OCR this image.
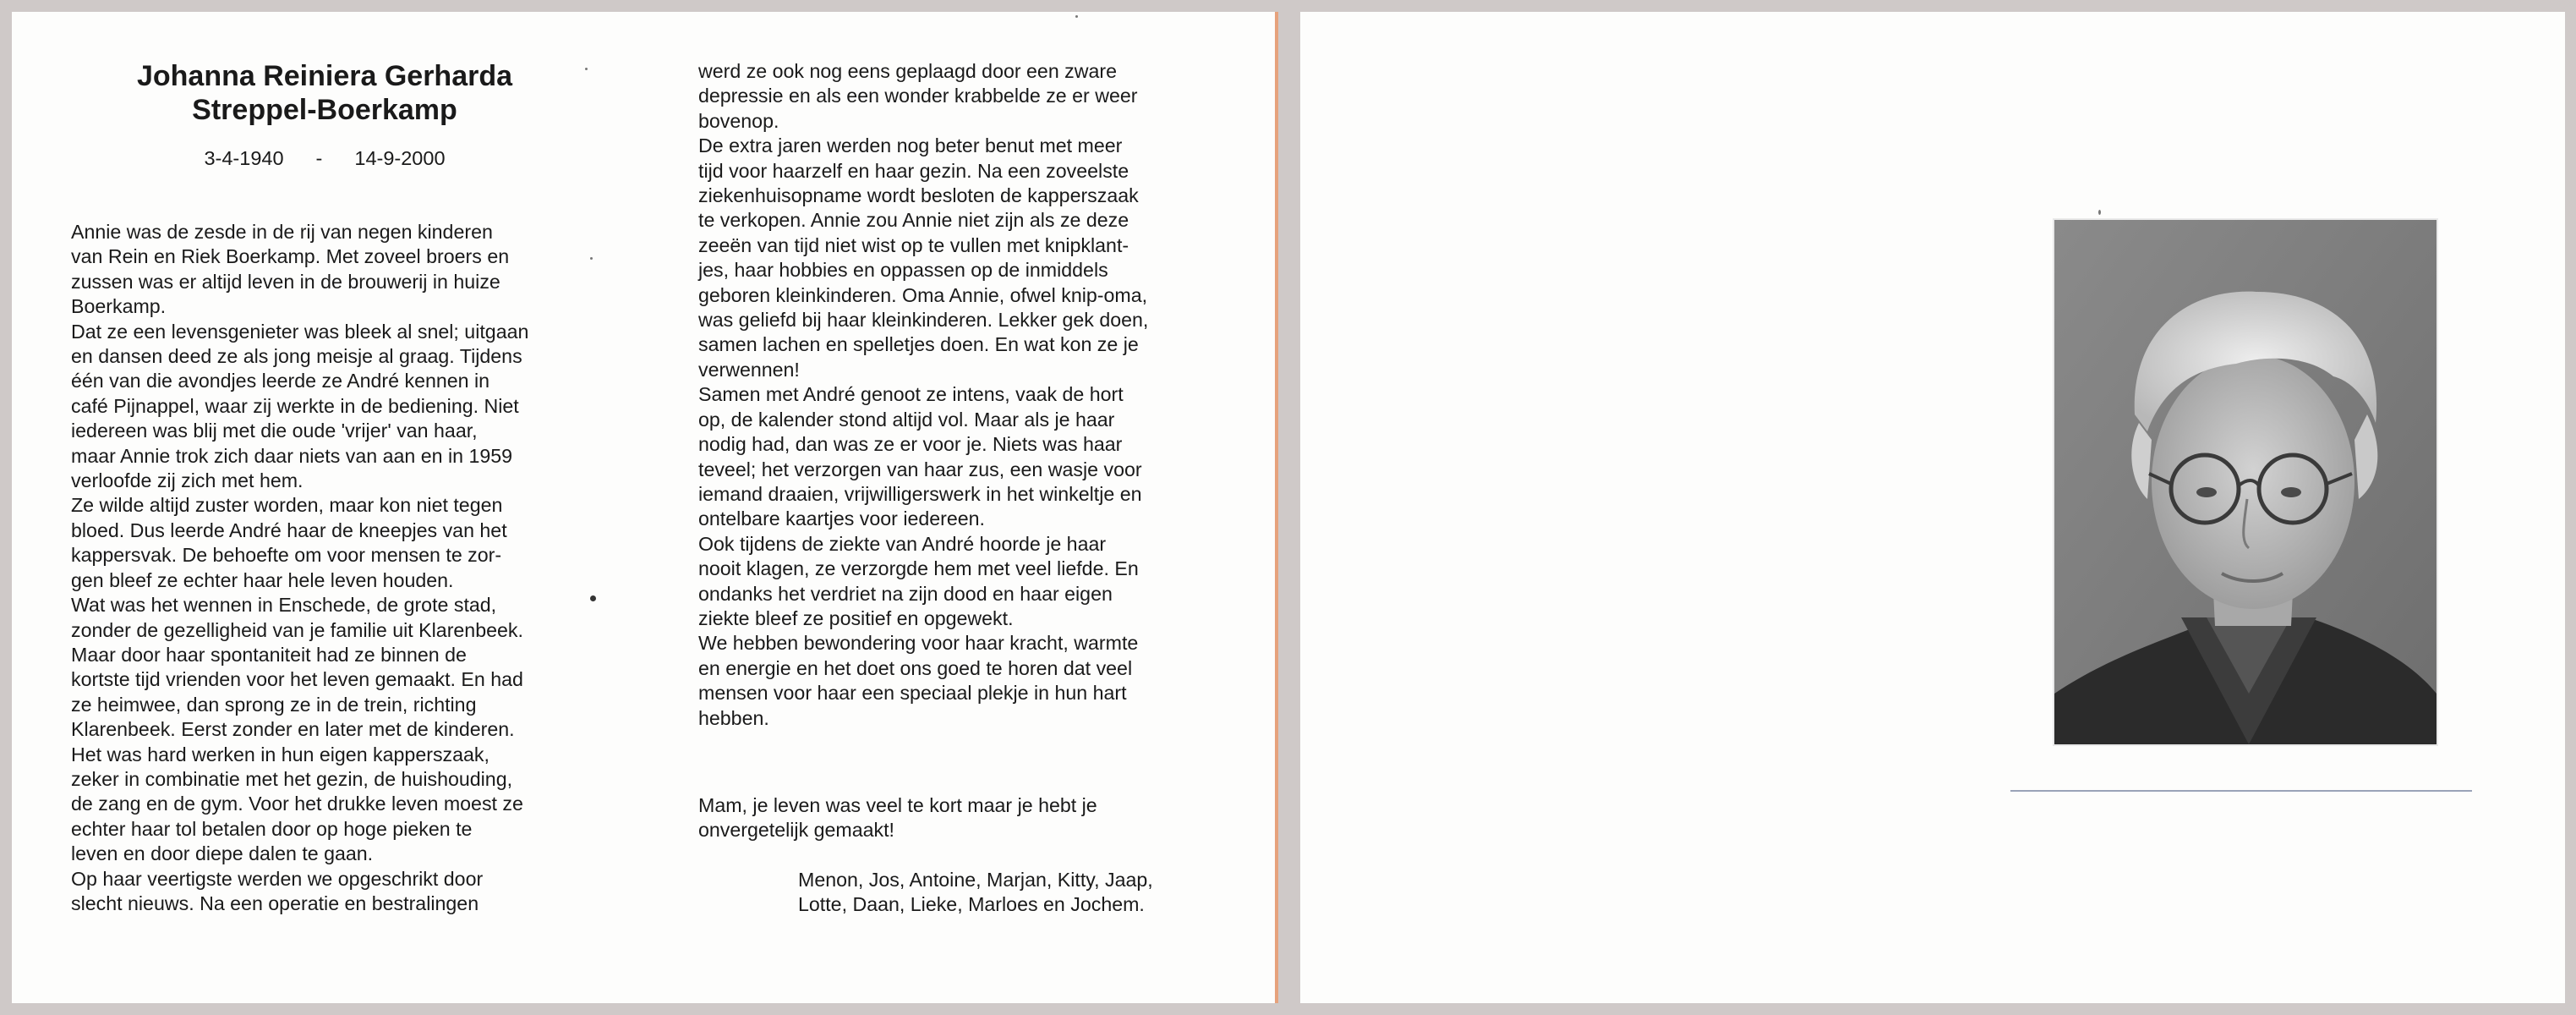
Johanna Reiniera Gerharda

Streppel-Boerkamp

3-4-1940 - 14-9-2000

Annie was de zesde in de rij van negen kinderen

van Rein en Riek Boerkamp. Met zoveel broers en

zussen was er altijd leven in de brouwerij in huize

Boerkamp.

Dat ze een levensgenieter was bleek al snel; uitgaan

en dansen deed ze als jong meisje al graag. Tijdens

één van die avondjes leerde ze André kennen in

café Pijnappel, waar zij werkte in de bediening. Niet

iedereen was blij met die oude 'vrijer' van haar,

maar Annie trok zich daar niets van aan en in 1959

verloofde zij zich met hem.

Ze wilde altijd zuster worden, maar kon niet tegen

bloed. Dus leerde André haar de kneepjes van het

kappersvak. De behoefte om voor mensen te zor-

gen bleef ze echter haar hele leven houden.

Wat was het wennen in Enschede, de grote stad,

zonder de gezelligheid van je familie uit Klarenbeek.

Maar door haar spontaniteit had ze binnen de

kortste tijd vrienden voor het leven gemaakt. En had

ze heimwee, dan sprong ze in de trein, richting

Klarenbeek. Eerst zonder en later met de kinderen.

Het was hard werken in hun eigen kapperszaak,

zeker in combinatie met het gezin, de huishouding,

de zang en de gym. Voor het drukke leven moest ze

echter haar tol betalen door op hoge pieken te

leven en door diepe dalen te gaan.

Op haar veertigste werden we opgeschrikt door

slecht nieuws. Na een operatie en bestralingen

werd ze ook nog eens geplaagd door een zware

depressie en als een wonder krabbelde ze er weer

bovenop.

De extra jaren werden nog beter benut met meer

tijd voor haarzelf en haar gezin. Na een zoveelste

ziekenhuisopname wordt besloten de kapperszaak

te verkopen. Annie zou Annie niet zijn als ze deze

zeeën van tijd niet wist op te vullen met knipklant-

jes, haar hobbies en oppassen op de inmiddels

geboren kleinkinderen. Oma Annie, ofwel knip-oma,

was geliefd bij haar kleinkinderen. Lekker gek doen,

samen lachen en spelletjes doen. En wat kon ze je

verwennen!

Samen met André genoot ze intens, vaak de hort

op, de kalender stond altijd vol. Maar als je haar

nodig had, dan was ze er voor je. Niets was haar

teveel; het verzorgen van haar zus, een wasje voor

iemand draaien, vrijwilligerswerk in het winkeltje en

ontelbare kaartjes voor iedereen.

Ook tijdens de ziekte van André hoorde je haar

nooit klagen, ze verzorgde hem met veel liefde. En

ondanks het verdriet na zijn dood en haar eigen

ziekte bleef ze positief en opgewekt.

We hebben bewondering voor haar kracht, warmte

en energie en het doet ons goed te horen dat veel

mensen voor haar een speciaal plekje in hun hart

hebben.

Mam, je leven was veel te kort maar je hebt je

onvergetelijk gemaakt!

Menon, Jos, Antoine, Marjan, Kitty, Jaap,

Lotte, Daan, Lieke, Marloes en Jochem.
